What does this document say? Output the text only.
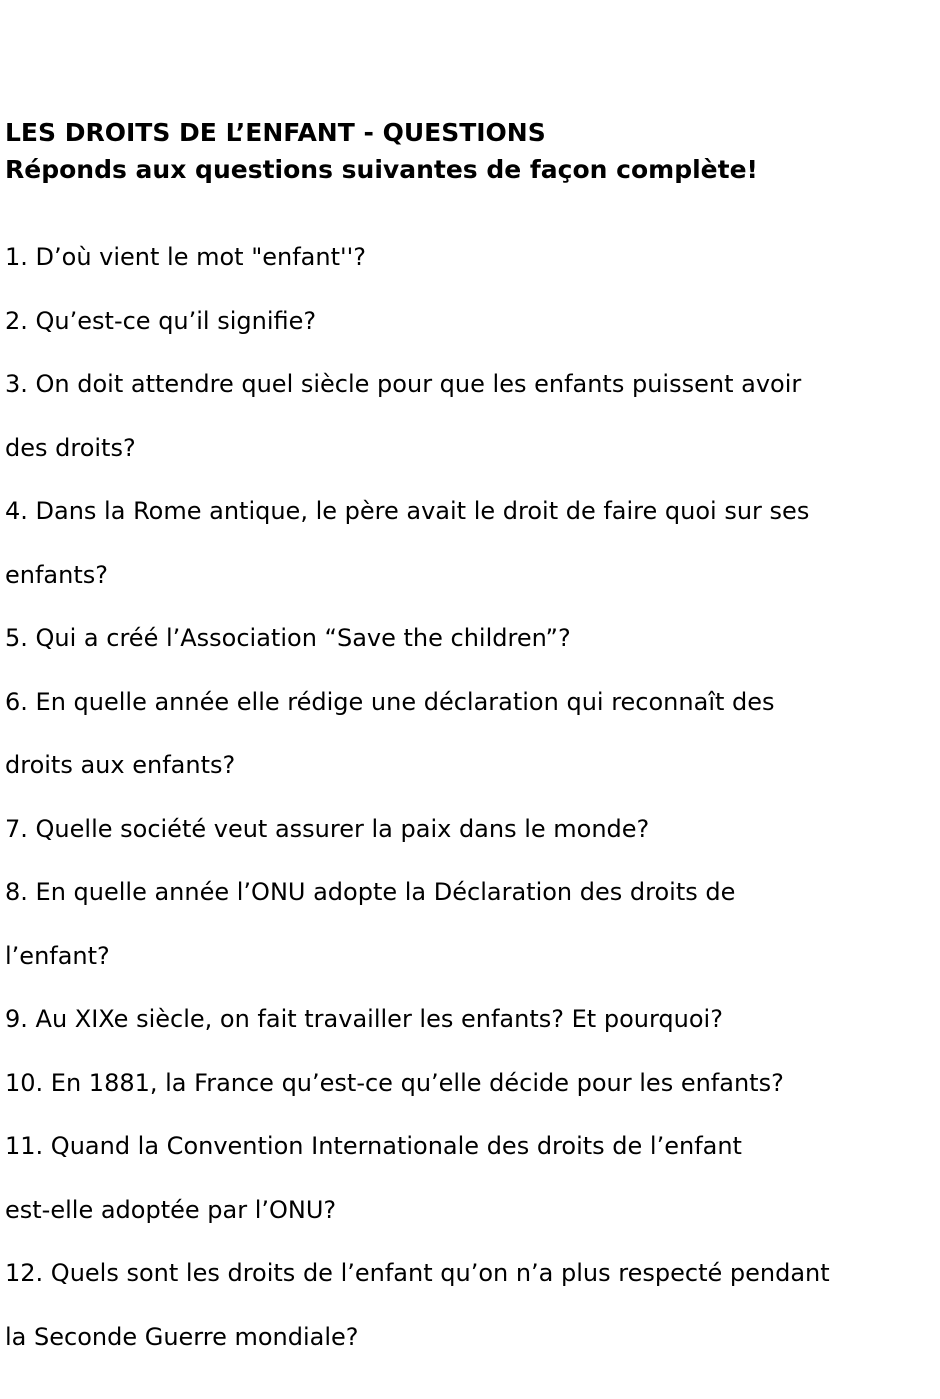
LES DROITS DE L’ENFANT - QUESTIONS

Réponds aux questions suivantes de façon complète!

1. D’où vient le mot "enfant''?
2. Qu’est-ce qu’il signifie?
3. On doit attendre quel siècle pour que les enfants puissent avoir
des droits?
4. Dans la Rome antique, le père avait le droit de faire quoi sur ses
enfants?
5. Qui a créé l’Association “Save the children”?
6. En quelle année elle rédige une déclaration qui reconnaît des
droits aux enfants?
7. Quelle société veut assurer la paix dans le monde?
8. En quelle année l’ONU adopte la Déclaration des droits de
l’enfant?
9. Au XIXe siècle, on fait travailler les enfants? Et pourquoi?
10. En 1881, la France qu’est-ce qu’elle décide pour les enfants?
11. Quand la Convention Internationale des droits de l’enfant
est-elle adoptée par l’ONU?
12. Quels sont les droits de l’enfant qu’on n’a plus respecté pendant
la Seconde Guerre mondiale?
